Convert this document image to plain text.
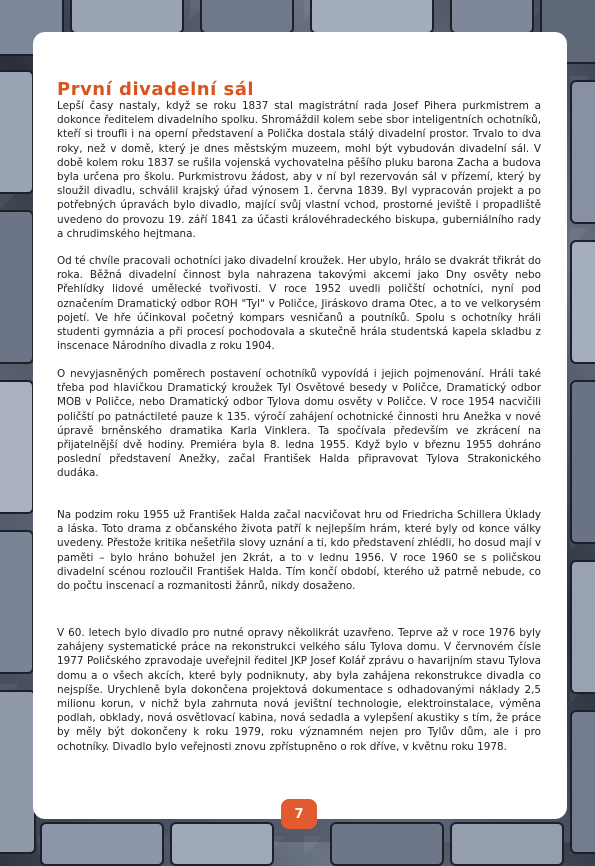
První divadelní sál

Lepší časy nastaly, když se roku 1837 stal magistrátní rada Josef Pihera purkmistrem a dokonce ředitelem divadelního spolku. Shromáždil kolem sebe sbor inteligentních ochotníků, kteří si troufli i na operní představení a Polička dostala stálý divadelní prostor. Trvalo to dva roky, než v domě, který je dnes městským muzeem, mohl být vybudován divadelní sál. V době kolem roku 1837 se rušila vojenská vychovatelna pěšího pluku barona Zacha a budova byla určena pro školu. Purkmistrovu žádost, aby v ní byl rezervován sál v přízemí, který by sloužil divadlu, schválil krajský úřad výnosem 1. června 1839. Byl vypracován projekt a po potřebných úpravách bylo divadlo, mající svůj vlastní vchod, prostorné jeviště i propadliště uvedeno do provozu 19. září 1841 za účasti královéhradeckého biskupa, guberniálního rady a chrudimského hejtmana.

Od té chvíle pracovali ochotníci jako divadelní kroužek. Her ubylo, hrálo se dvakrát třikrát do roka. Běžná divadelní činnost byla nahrazena takovými akcemi jako Dny osvěty nebo Přehlídky lidové umělecké tvořivosti. V roce 1952 uvedli poličští ochotníci, nyní pod označením Dramatický odbor ROH "Tyl" v Poličce, Jiráskovo drama Otec, a to ve velkorysém pojetí. Ve hře účinkoval početný kompars vesničanů a poutníků. Spolu s ochotníky hráli studenti gymnázia a při procesí pochodovala a skutečně hrála studentská kapela skladbu z inscenace Národního divadla z roku 1904.

O nevyjasněných poměrech postavení ochotníků vypovídá i jejich pojmenování. Hráli také třeba pod hlavičkou Dramatický kroužek Tyl Osvětové besedy v Poličce, Dramatický odbor MOB v Poličce, nebo Dramatický odbor Tylova domu osvěty v Poličce. V roce 1954 nacvičili poličští po patnáctileté pauze k 135. výročí zahájení ochotnické činnosti hru Anežka v nové úpravě brněnského dramatika Karla Vinklera. Ta spočívala především ve zkrácení na přijatelnější dvě hodiny. Premiéra byla 8. ledna 1955. Když bylo v březnu 1955 dohráno poslední představení Anežky, začal František Halda připravovat Tylova Strakonického dudáka.

Na podzim roku 1955 už František Halda začal nacvičovat hru od Friedricha Schillera Úklady a láska. Toto drama z občanského života patří k nejlepším hrám, které byly od konce války uvedeny. Přestože kritika nešetřila slovy uznání a ti, kdo představení zhlédli, ho dosud mají v paměti – bylo hráno bohužel jen 2krát, a to v lednu 1956. V roce 1960 se s poličskou divadelní scénou rozloučil František Halda. Tím končí období, kterého už patrně nebude, co do počtu inscenací a rozmanitosti žánrů, nikdy dosaženo.

V 60. letech bylo divadlo pro nutné opravy několikrát uzavřeno. Teprve až v roce 1976 byly zahájeny systematické práce na rekonstrukci velkého sálu Tylova domu. V červnovém čísle 1977 Poličského zpravodaje uveřejnil ředitel JKP Josef Kolář zprávu o havarijním stavu Tylova domu a o všech akcích, které byly podniknuty, aby byla zahájena rekonstrukce divadla co nejspíše. Urychleně byla dokončena projektová dokumentace s odhadovanými náklady 2,5 milionu korun, v nichž byla zahrnuta nová jevištní technologie, elektroinstalace, výměna podlah, obklady, nová osvětlovací kabina, nová sedadla a vylepšení akustiky s tím, že práce by měly být dokončeny k roku 1979, roku významném nejen pro Tylův dům, ale i pro ochotníky. Divadlo bylo veřejnosti znovu zpřístupněno o rok dříve, v květnu roku 1978.

7
